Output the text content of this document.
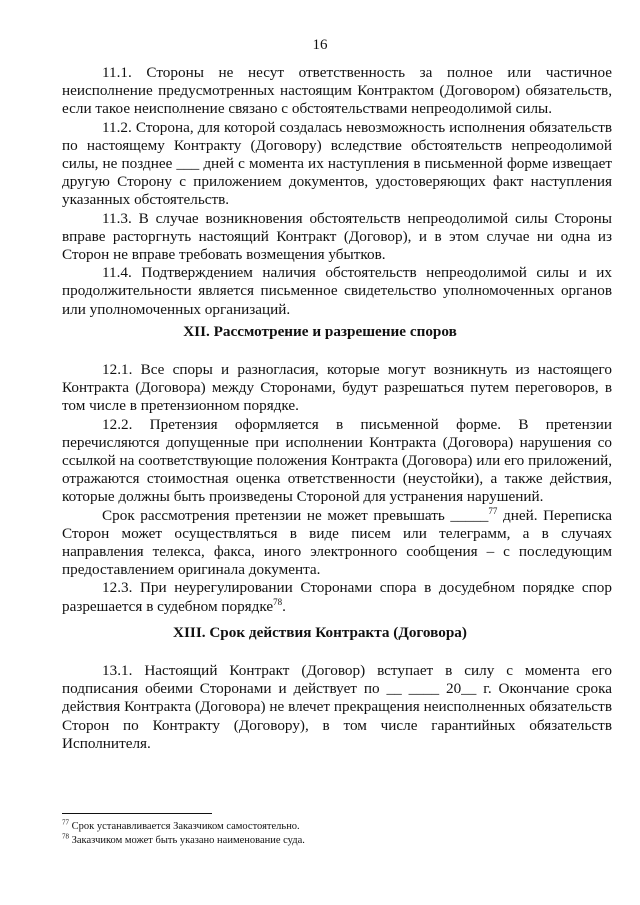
16

11.1. Стороны не несут ответственность за полное или частичное неисполнение предусмотренных настоящим Контрактом (Договором) обязательств, если такое неисполнение связано с обстоятельствами непреодолимой силы.

11.2. Сторона, для которой создалась невозможность исполнения обязательств по настоящему Контракту (Договору) вследствие обстоятельств непреодолимой силы, не позднее ___ дней с момента их наступления в письменной форме извещает другую Сторону с приложением документов, удостоверяющих факт наступления указанных обстоятельств.

11.3. В случае возникновения обстоятельств непреодолимой силы Стороны вправе расторгнуть настоящий Контракт (Договор), и в этом случае ни одна из Сторон не вправе требовать возмещения убытков.

11.4. Подтверждением наличия обстоятельств непреодолимой силы и их продолжительности является письменное свидетельство уполномоченных органов или уполномоченных организаций.

XII. Рассмотрение и разрешение споров

12.1. Все споры и разногласия, которые могут возникнуть из настоящего Контракта (Договора) между Сторонами, будут разрешаться путем переговоров, в том числе в претензионном порядке.

12.2. Претензия оформляется в письменной форме. В претензии перечисляются допущенные при исполнении Контракта (Договора) нарушения со ссылкой на соответствующие положения Контракта (Договора) или его приложений, отражаются стоимостная оценка ответственности (неустойки), а также действия, которые должны быть произведены Стороной для устранения нарушений.

Срок рассмотрения претензии не может превышать _____$^{77}$ дней. Переписка Сторон может осуществляться в виде писем или телеграмм, а в случаях направления телекса, факса, иного электронного сообщения – с последующим предоставлением оригинала документа.

12.3. При неурегулировании Сторонами спора в досудебном порядке спор разрешается в судебном порядке$^{78}$.

XIII. Срок действия Контракта (Договора)

13.1. Настоящий Контракт (Договор) вступает в силу с момента его подписания обеими Сторонами и действует по __ ____ 20__ г. Окончание срока действия Контракта (Договора) не влечет прекращения неисполненных обязательств Сторон по Контракту (Договору), в том числе гарантийных обязательств Исполнителя.

$^{77}$ Срок устанавливается Заказчиком самостоятельно.

$^{78}$ Заказчиком может быть указано наименование суда.
